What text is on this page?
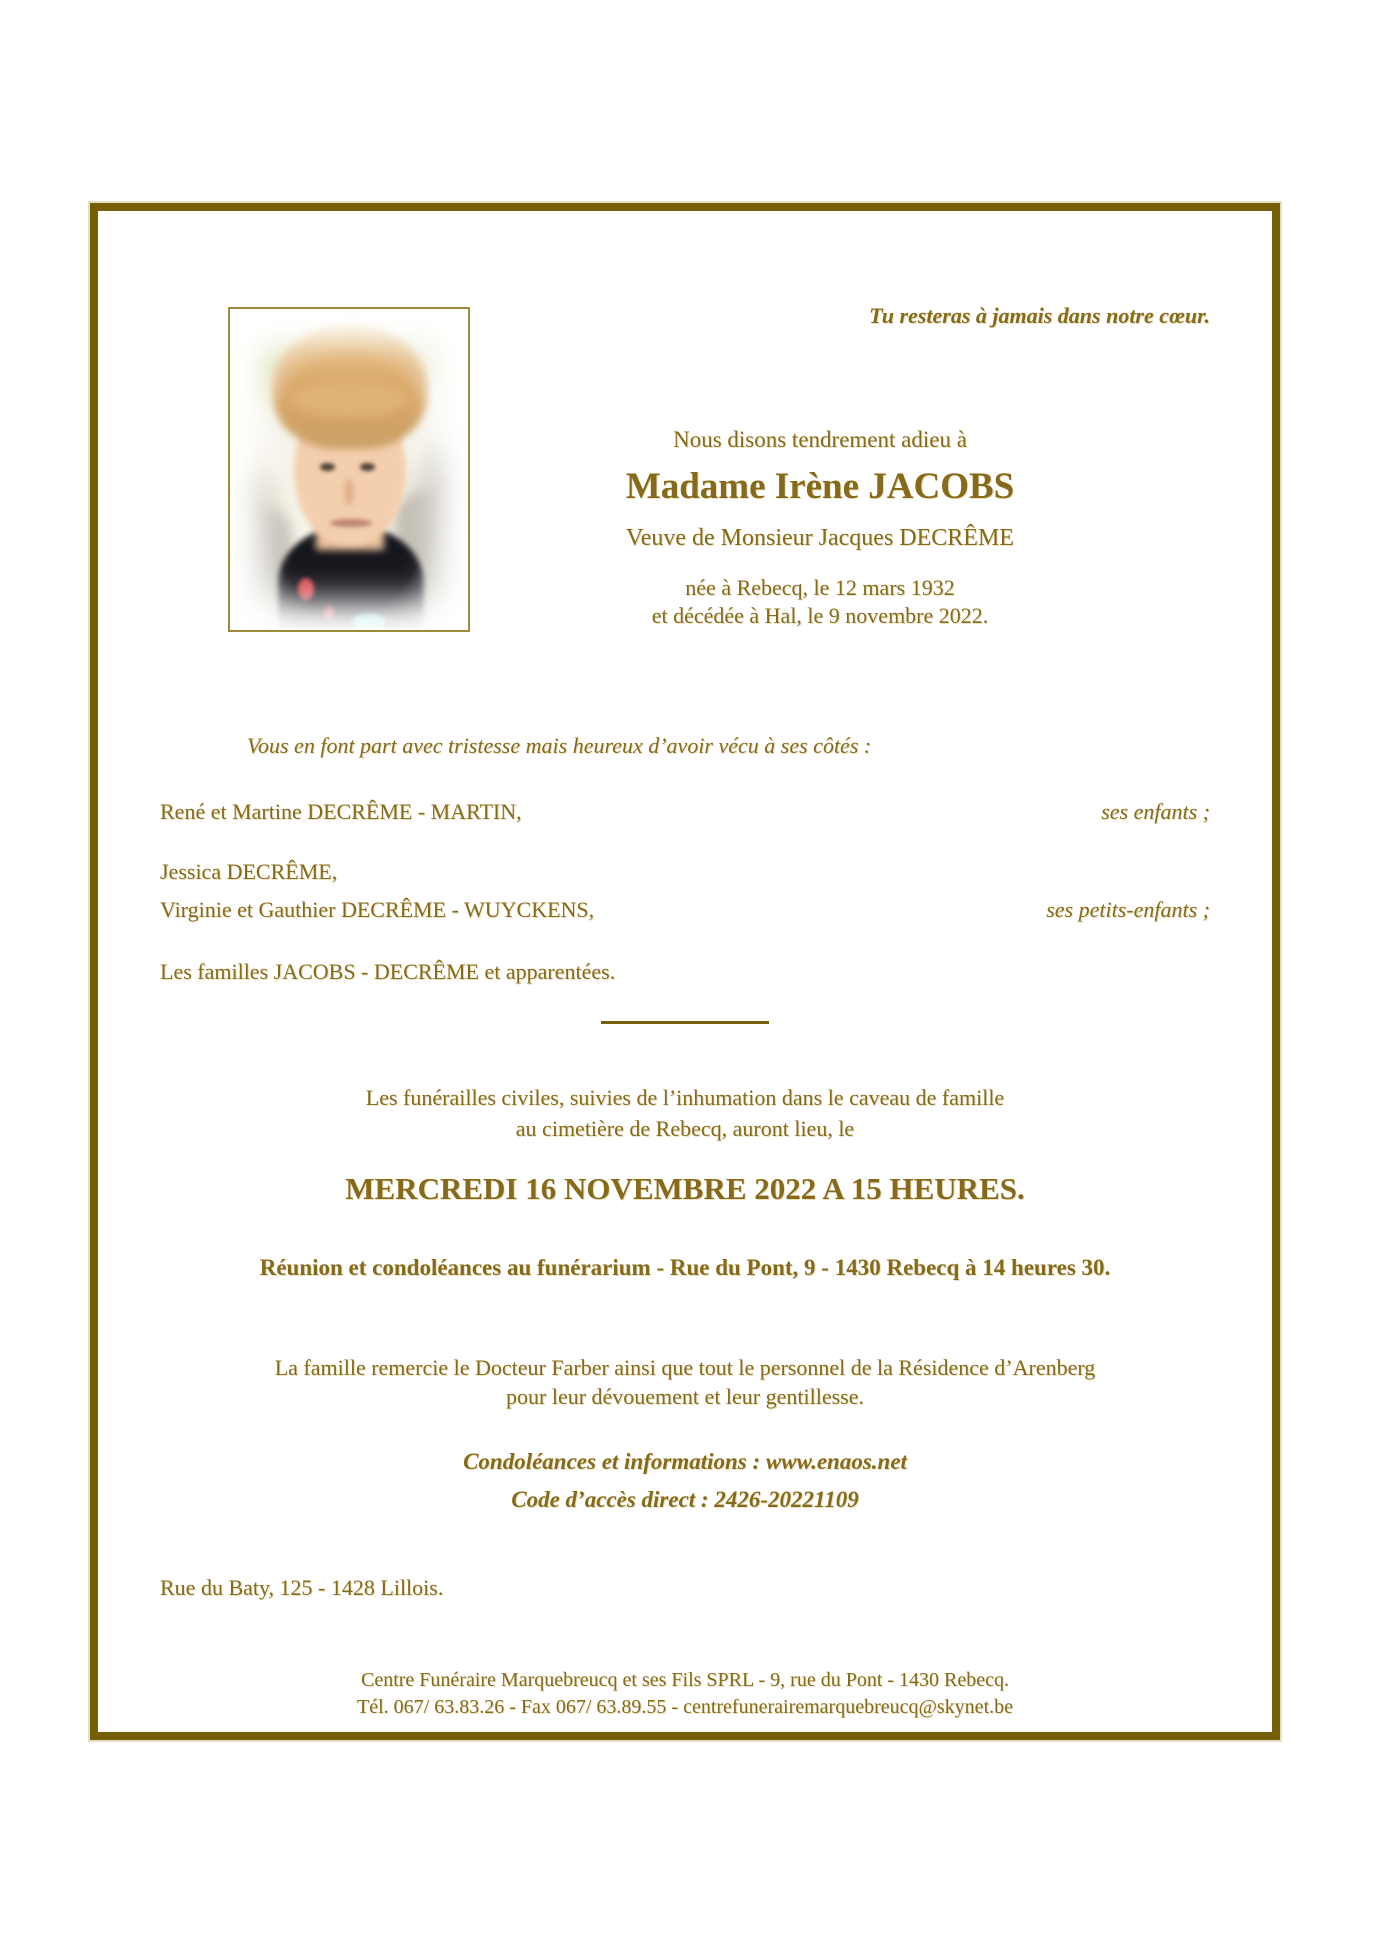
Tu resteras à jamais dans notre cœur.
Nous disons tendrement adieu à
Madame Irène JACOBS
Veuve de Monsieur Jacques DECRÊME
née à Rebecq, le 12 mars 1932
et décédée à Hal, le 9 novembre 2022.
Vous en font part avec tristesse mais heureux d’avoir vécu à ses côtés :
René et Martine DECRÊME - MARTIN,	ses enfants ;
Jessica DECRÊME,
Virginie et Gauthier DECRÊME - WUYCKENS,	ses petits-enfants ;
Les familles JACOBS - DECRÊME et apparentées.
Les funérailles civiles, suivies de l’inhumation dans le caveau de famille
au cimetière de Rebecq, auront lieu, le
MERCREDI 16 NOVEMBRE 2022 A 15 HEURES.
Réunion et condoléances au funérarium - Rue du Pont, 9 - 1430 Rebecq à 14 heures 30.
La famille remercie le Docteur Farber ainsi que tout le personnel de la Résidence d’Arenberg
pour leur dévouement et leur gentillesse.
Condoléances et informations : www.enaos.net
Code d’accès direct : 2426-20221109
Rue du Baty, 125 - 1428 Lillois.
Centre Funéraire Marquebreucq et ses Fils SPRL - 9, rue du Pont - 1430 Rebecq.
Tél. 067/ 63.83.26 - Fax 067/ 63.89.55 - centrefunerairemarquebreucq@skynet.be
